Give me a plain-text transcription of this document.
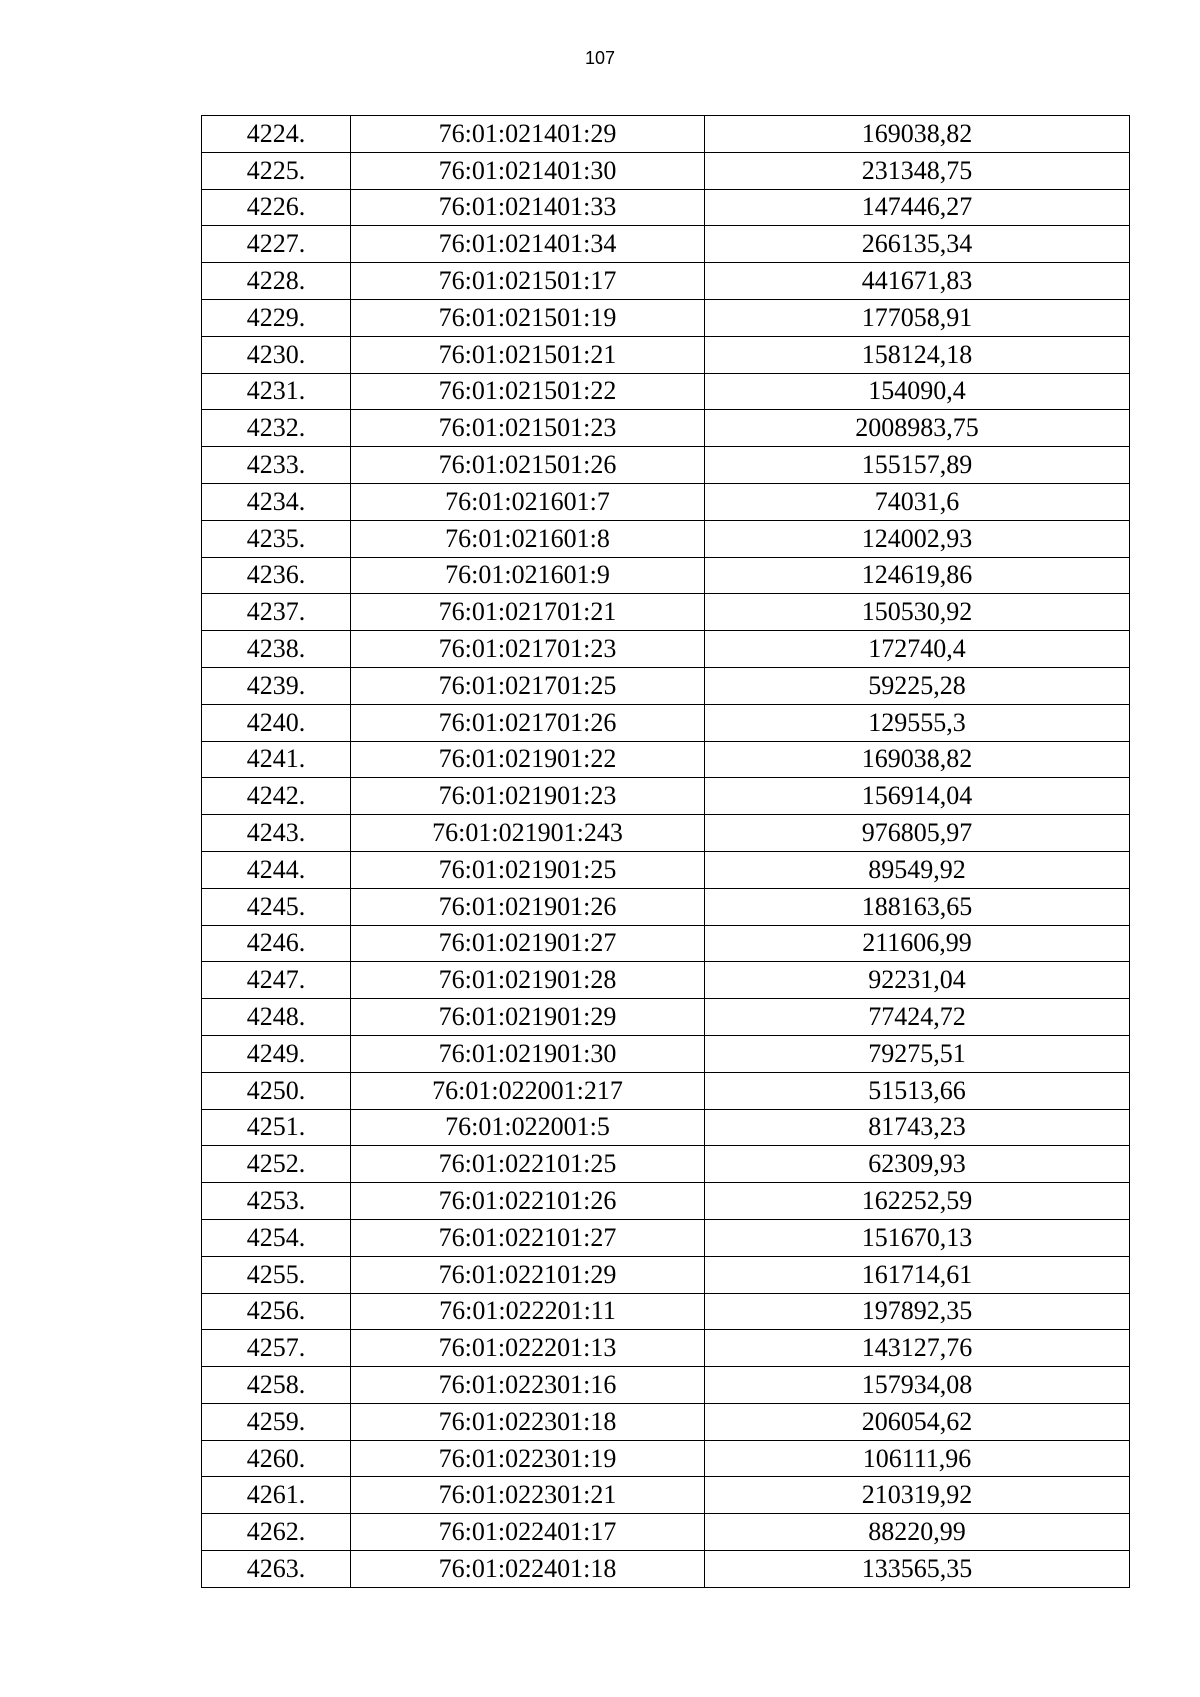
107
4224.	76:01:021401:29	169038,82
4225.	76:01:021401:30	231348,75
4226.	76:01:021401:33	147446,27
4227.	76:01:021401:34	266135,34
4228.	76:01:021501:17	441671,83
4229.	76:01:021501:19	177058,91
4230.	76:01:021501:21	158124,18
4231.	76:01:021501:22	154090,4
4232.	76:01:021501:23	2008983,75
4233.	76:01:021501:26	155157,89
4234.	76:01:021601:7	74031,6
4235.	76:01:021601:8	124002,93
4236.	76:01:021601:9	124619,86
4237.	76:01:021701:21	150530,92
4238.	76:01:021701:23	172740,4
4239.	76:01:021701:25	59225,28
4240.	76:01:021701:26	129555,3
4241.	76:01:021901:22	169038,82
4242.	76:01:021901:23	156914,04
4243.	76:01:021901:243	976805,97
4244.	76:01:021901:25	89549,92
4245.	76:01:021901:26	188163,65
4246.	76:01:021901:27	211606,99
4247.	76:01:021901:28	92231,04
4248.	76:01:021901:29	77424,72
4249.	76:01:021901:30	79275,51
4250.	76:01:022001:217	51513,66
4251.	76:01:022001:5	81743,23
4252.	76:01:022101:25	62309,93
4253.	76:01:022101:26	162252,59
4254.	76:01:022101:27	151670,13
4255.	76:01:022101:29	161714,61
4256.	76:01:022201:11	197892,35
4257.	76:01:022201:13	143127,76
4258.	76:01:022301:16	157934,08
4259.	76:01:022301:18	206054,62
4260.	76:01:022301:19	106111,96
4261.	76:01:022301:21	210319,92
4262.	76:01:022401:17	88220,99
4263.	76:01:022401:18	133565,35
